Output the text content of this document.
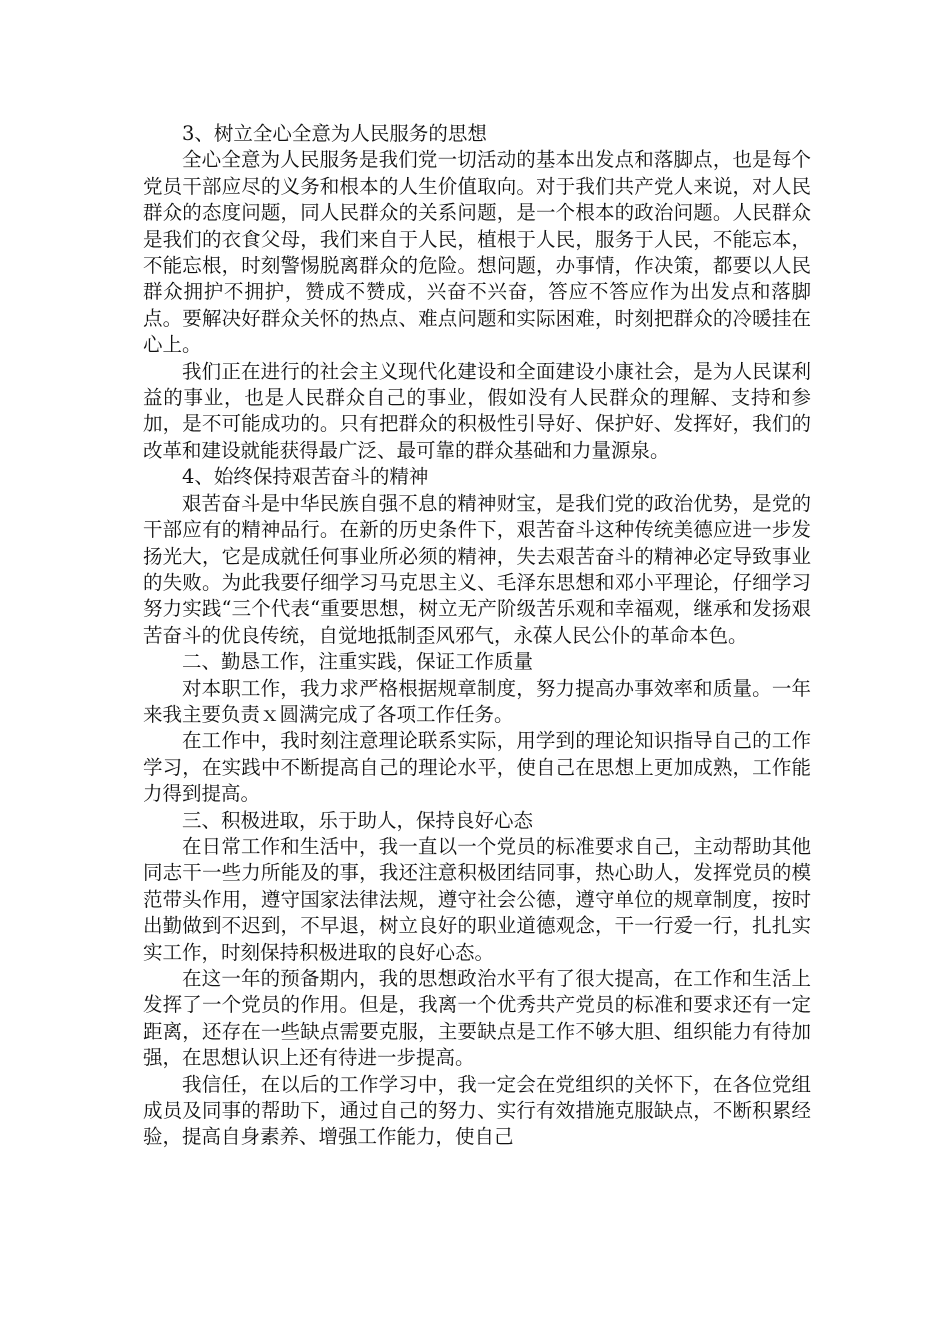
3、树立全心全意为人民服务的思想

全心全意为人民服务是我们党一切活动的基本出发点和落脚点，也是每个党员干部应尽的义务和根本的人生价值取向。对于我们共产党人来说，对人民群众的态度问题，同人民群众的关系问题，是一个根本的政治问题。人民群众是我们的衣食父母，我们来自于人民，植根于人民，服务于人民，不能忘本，不能忘根，时刻警惕脱离群众的危险。想问题，办事情，作决策，都要以人民群众拥护不拥护，赞成不赞成，兴奋不兴奋，答应不答应作为出发点和落脚点。要解决好群众关怀的热点、难点问题和实际困难，时刻把群众的冷暖挂在心上。

我们正在进行的社会主义现代化建设和全面建设小康社会，是为人民谋利益的事业，也是人民群众自己的事业，假如没有人民群众的理解、支持和参加，是不可能成功的。只有把群众的积极性引导好、保护好、发挥好，我们的改革和建设就能获得最广泛、最可靠的群众基础和力量源泉。

4、始终保持艰苦奋斗的精神

艰苦奋斗是中华民族自强不息的精神财宝，是我们党的政治优势，是党的干部应有的精神品行。在新的历史条件下，艰苦奋斗这种传统美德应进一步发扬光大，它是成就任何事业所必须的精神，失去艰苦奋斗的精神必定导致事业的失败。为此我要仔细学习马克思主义、毛泽东思想和邓小平理论，仔细学习努力实践“三个代表“重要思想，树立无产阶级苦乐观和幸福观，继承和发扬艰苦奋斗的优良传统，自觉地抵制歪风邪气，永葆人民公仆的革命本色。

二、勤恳工作，注重实践，保证工作质量

对本职工作，我力求严格根据规章制度，努力提高办事效率和质量。一年来我主要负责ｘ圆满完成了各项工作任务。

在工作中，我时刻注意理论联系实际，用学到的理论知识指导自己的工作学习，在实践中不断提高自己的理论水平，使自己在思想上更加成熟，工作能力得到提高。

三、积极进取，乐于助人，保持良好心态

在日常工作和生活中，我一直以一个党员的标准要求自己，主动帮助其他同志干一些力所能及的事，我还注意积极团结同事，热心助人，发挥党员的模范带头作用，遵守国家法律法规，遵守社会公德，遵守单位的规章制度，按时出勤做到不迟到，不早退，树立良好的职业道德观念，干一行爱一行，扎扎实实工作，时刻保持积极进取的良好心态。

在这一年的预备期内，我的思想政治水平有了很大提高，在工作和生活上发挥了一个党员的作用。但是，我离一个优秀共产党员的标准和要求还有一定距离，还存在一些缺点需要克服，主要缺点是工作不够大胆、组织能力有待加强，在思想认识上还有待进一步提高。

我信任，在以后的工作学习中，我一定会在党组织的关怀下，在各位党组成员及同事的帮助下，通过自己的努力、实行有效措施克服缺点，不断积累经验，提高自身素养、增强工作能力，使自己
